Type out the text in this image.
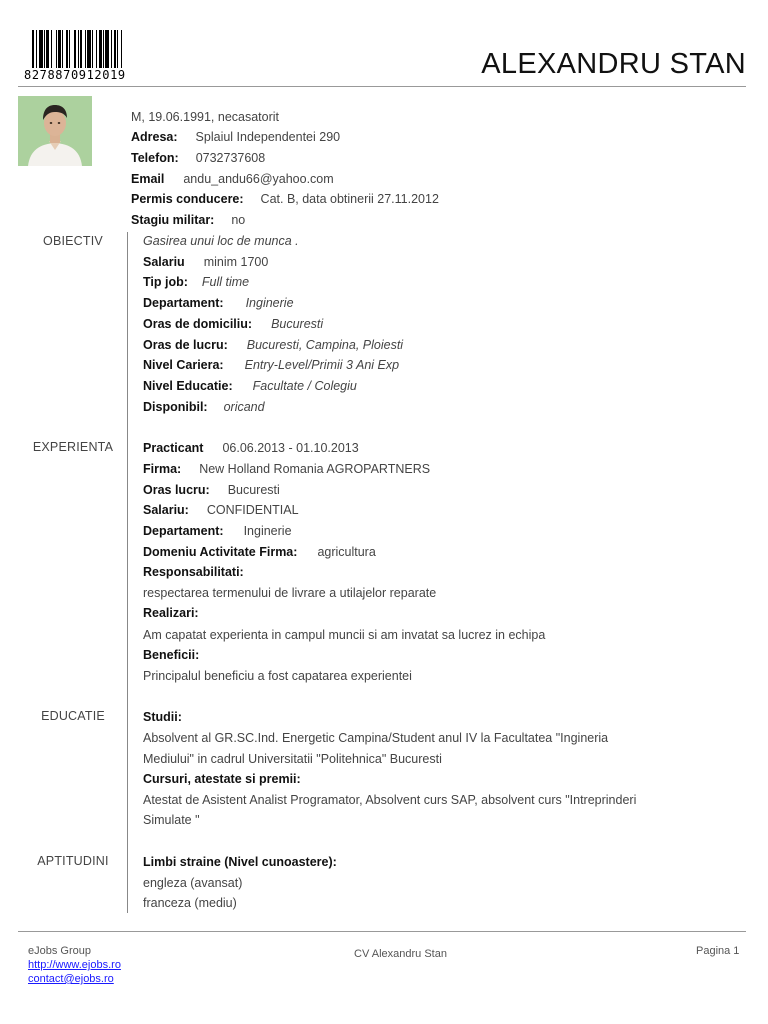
8278870912019	ALEXANDRU STAN
M, 19.06.1991, necasatorit
Adresa: Splaiul Independentei 290
Telefon: 0732737608
Email andu_andu66@yahoo.com
Permis conducere: Cat. B, data obtinerii 27.11.2012
Stagiu militar: no
OBIECTIV	Gasirea unui loc de munca .
Salariu minim 1700
Tip job: Full time
Departament: Inginerie
Oras de domiciliu: Bucuresti
Oras de lucru: Bucuresti, Campina, Ploiesti
Nivel Cariera: Entry-Level/Primii 3 Ani Exp
Nivel Educatie: Facultate / Colegiu
Disponibil: oricand
EXPERIENTA	Practicant 06.06.2013 - 01.10.2013
Firma: New Holland Romania AGROPARTNERS
Oras lucru: Bucuresti
Salariu: CONFIDENTIAL
Departament: Inginerie
Domeniu Activitate Firma: agricultura
Responsabilitati:
respectarea termenului de livrare a utilajelor reparate
Realizari:
Am capatat experienta in campul muncii si am invatat sa lucrez in echipa
Beneficii:
Principalul beneficiu a fost capatarea experientei
EDUCATIE	Studii:
Absolvent al GR.SC.Ind. Energetic Campina/Student anul IV la Facultatea "Ingineria
Mediului" in cadrul Universitatii "Politehnica" Bucuresti
Cursuri, atestate si premii:
Atestat de Asistent Analist Programator, Absolvent curs SAP, absolvent curs "Intreprinderi
Simulate "
APTITUDINI	Limbi straine (Nivel cunoastere):
engleza (avansat)
franceza (mediu)
eJobs Group
http://www.ejobs.ro
contact@ejobs.ro
CV Alexandru Stan	Pagina 1
